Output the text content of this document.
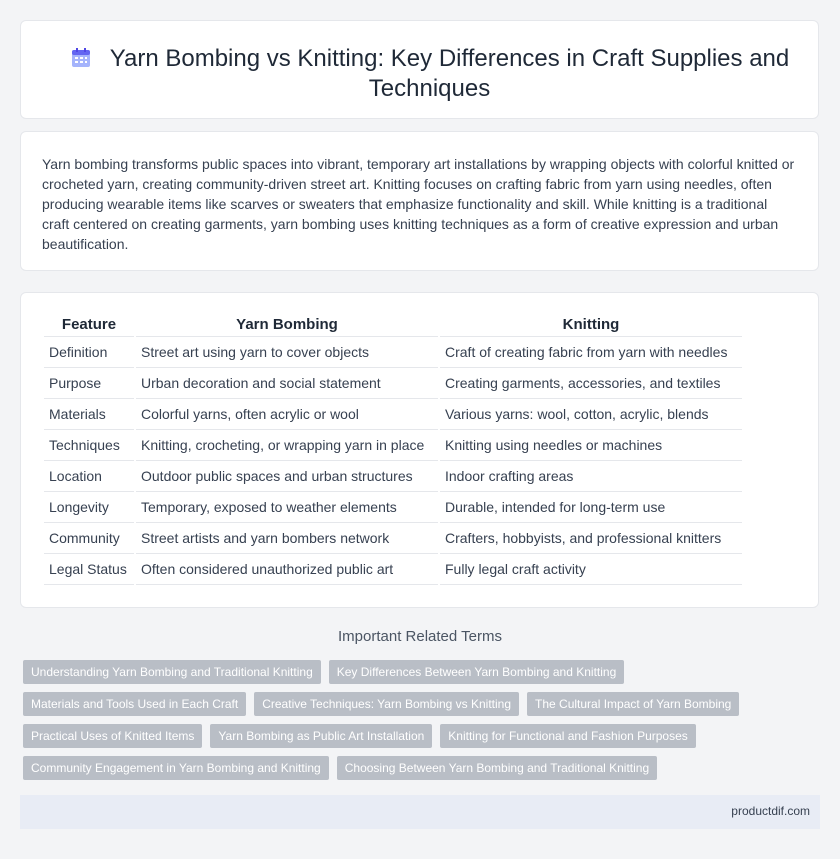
Yarn Bombing vs Knitting: Key Differences in Craft Supplies and Techniques

Yarn bombing transforms public spaces into vibrant, temporary art installations by wrapping objects with colorful knitted or crocheted yarn, creating community-driven street art. Knitting focuses on crafting fabric from yarn using needles, often producing wearable items like scarves or sweaters that emphasize functionality and skill. While knitting is a traditional craft centered on creating garments, yarn bombing uses knitting techniques as a form of creative expression and urban beautification.

Feature	Yarn Bombing	Knitting
Definition	Street art using yarn to cover objects	Craft of creating fabric from yarn with needles
Purpose	Urban decoration and social statement	Creating garments, accessories, and textiles
Materials	Colorful yarns, often acrylic or wool	Various yarns: wool, cotton, acrylic, blends
Techniques	Knitting, crocheting, or wrapping yarn in place	Knitting using needles or machines
Location	Outdoor public spaces and urban structures	Indoor crafting areas
Longevity	Temporary, exposed to weather elements	Durable, intended for long-term use
Community	Street artists and yarn bombers network	Crafters, hobbyists, and professional knitters
Legal Status	Often considered unauthorized public art	Fully legal craft activity
Important Related Terms
Understanding Yarn Bombing and Traditional Knitting	Key Differences Between Yarn Bombing and Knitting
Materials and Tools Used in Each Craft	Creative Techniques: Yarn Bombing vs Knitting	The Cultural Impact of Yarn Bombing
Practical Uses of Knitted Items	Yarn Bombing as Public Art Installation	Knitting for Functional and Fashion Purposes
Community Engagement in Yarn Bombing and Knitting	Choosing Between Yarn Bombing and Traditional Knitting
productdif.com
